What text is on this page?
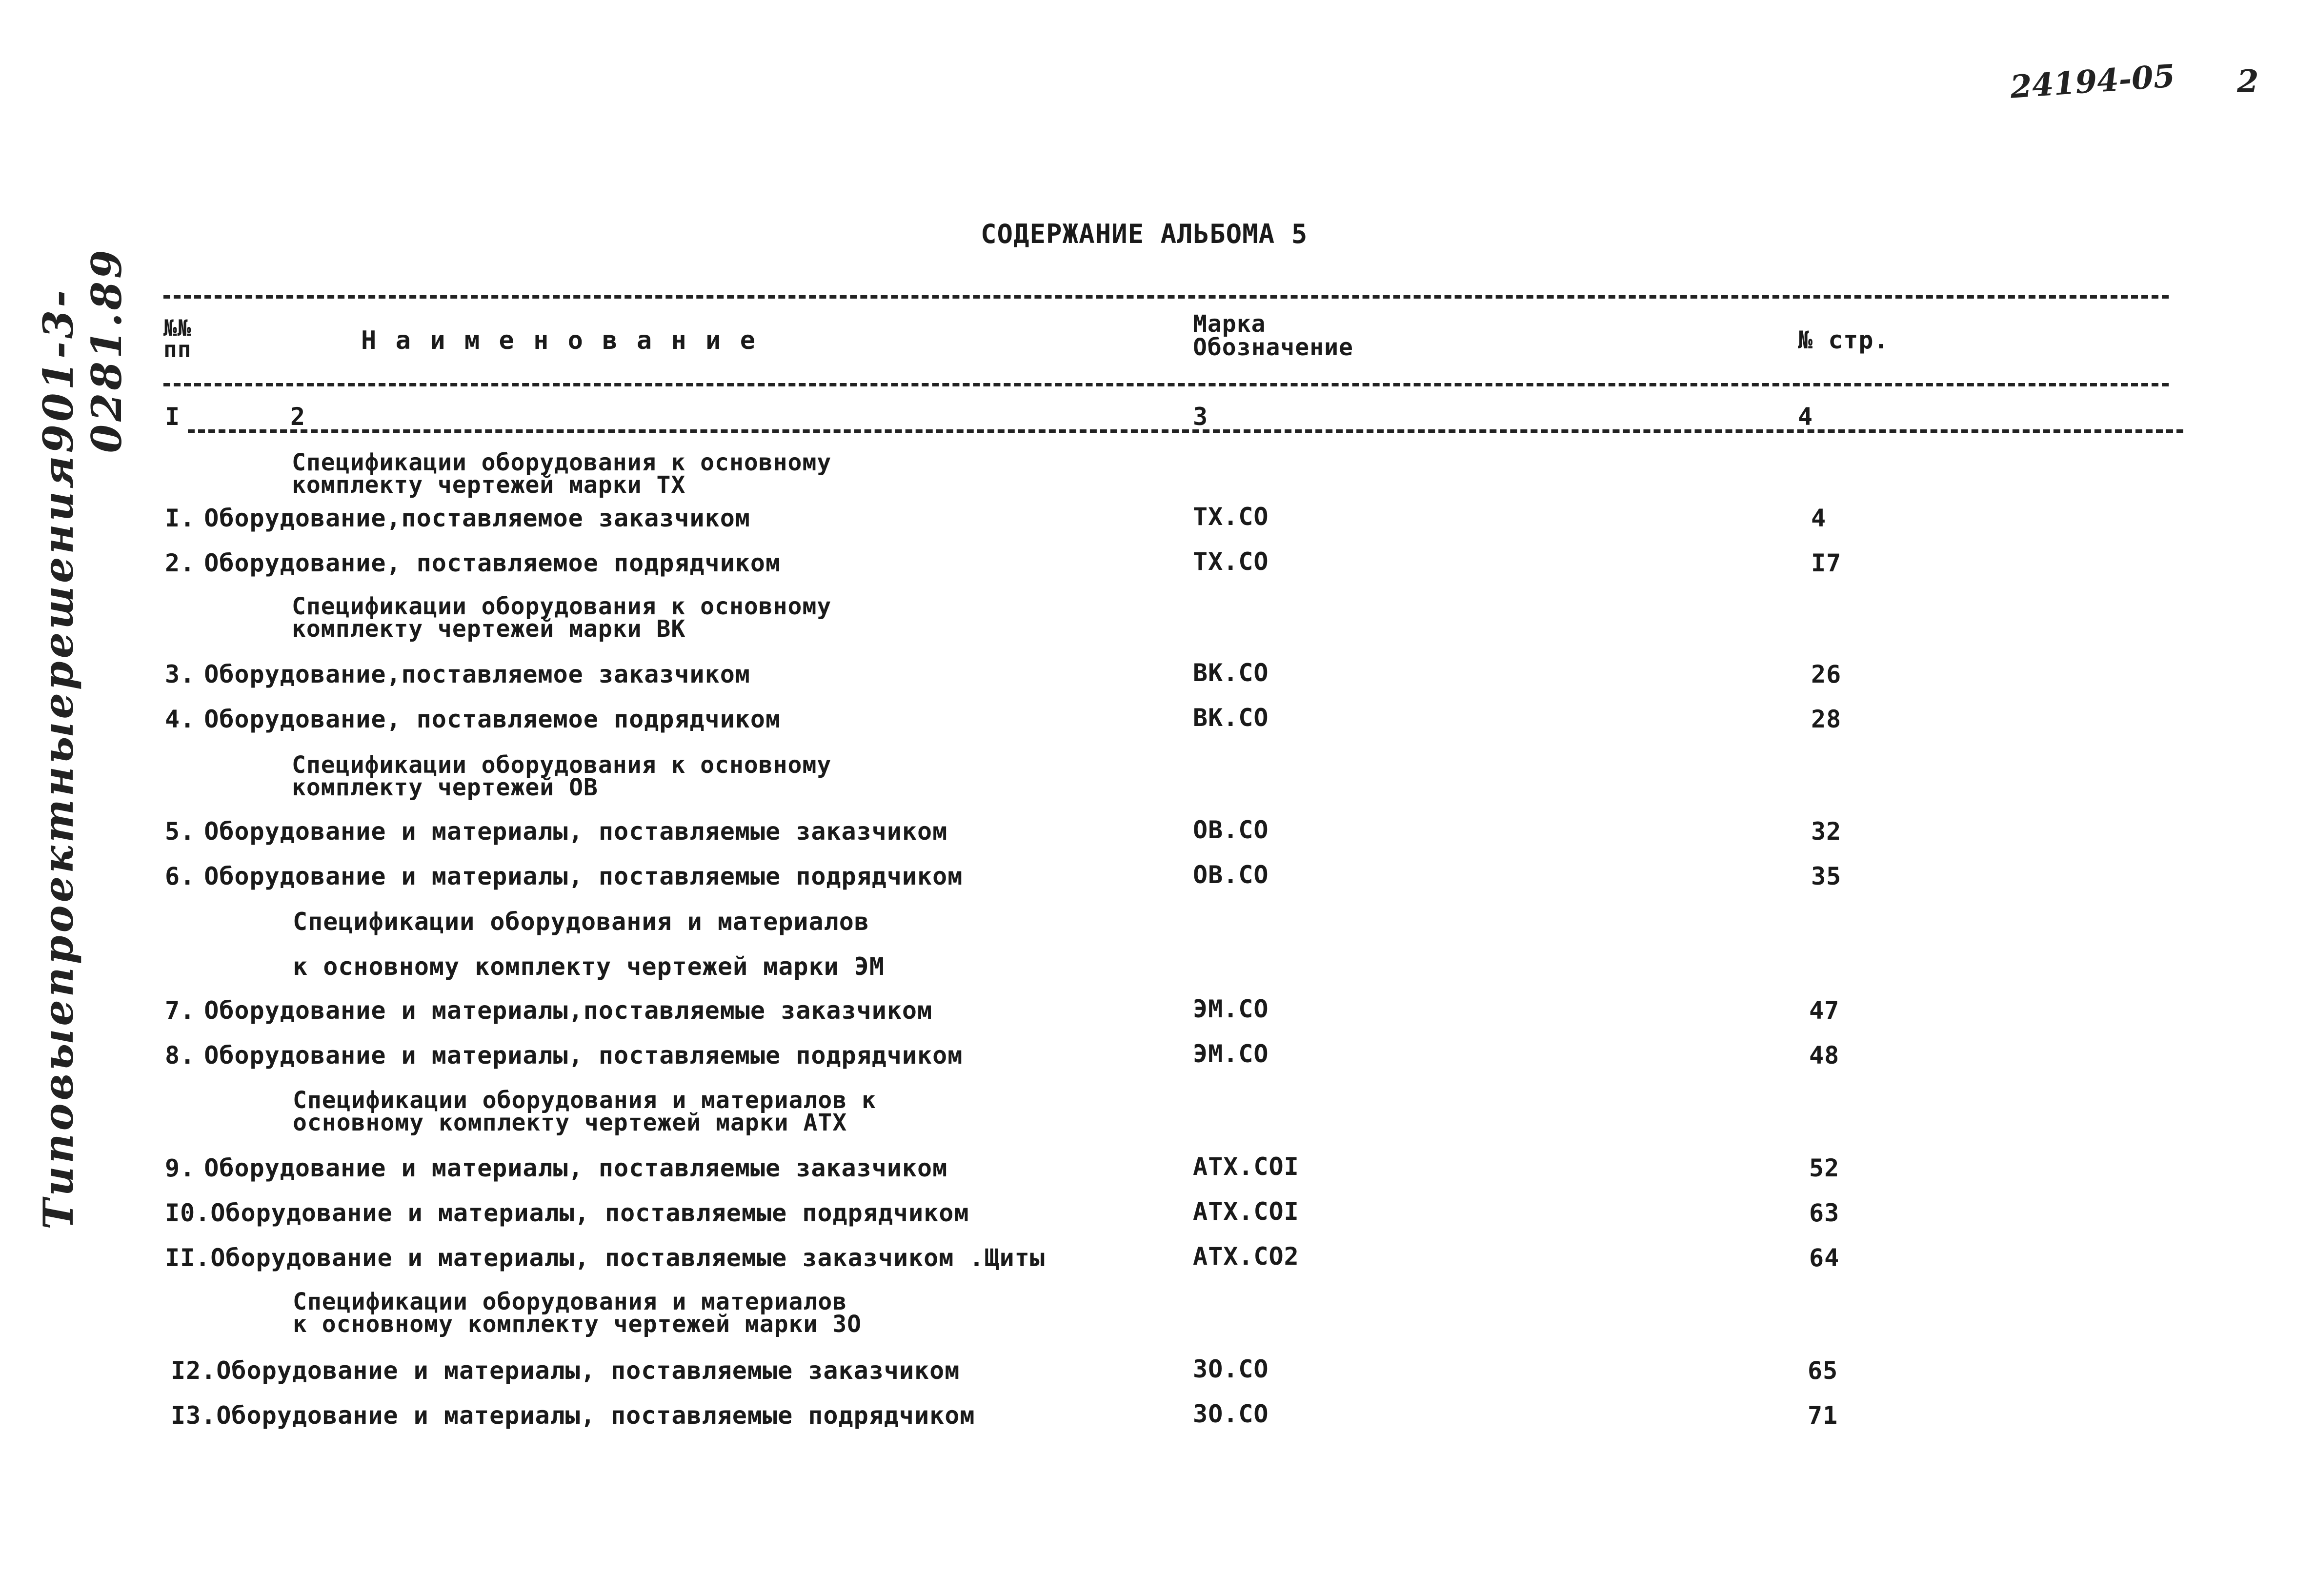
24194-05 2
Типовые
проектные
решения
901-3-0281.89
СОДЕРЖАНИЕ АЛЬБОМА 5
№№
пп	Н а и м е н о в а н и е
Марка
Обозначение	№ стр.
I	2	3	4
Спецификации оборудования к основному
комплекту чертежей марки ТХ
I. Оборудование,поставляемое заказчиком	ТХ.СО	4
2. Оборудование, поставляемое подрядчиком	ТХ.СО	I7
Спецификации оборудования к основному
комплекту чертежей марки ВК
3. Оборудование,поставляемое заказчиком	ВК.СО	26
4. Оборудование, поставляемое подрядчиком	ВК.СО	28
Спецификации оборудования к основному
комплекту чертежей ОВ
5. Оборудование и материалы, поставляемые заказчиком	ОВ.СО	32
6. Оборудование и материалы, поставляемые подрядчиком	ОВ.СО	35
Спецификации оборудования и материалов
к основному комплекту чертежей марки ЭМ
7. Оборудование и материалы,поставляемые заказчиком	ЭМ.СО	47
8. Оборудование и материалы, поставляемые подрядчиком	ЭМ.СО	48
Спецификации оборудования и материалов к
основному комплекту чертежей марки АТХ
9. Оборудование и материалы, поставляемые заказчиком	АТХ.СОI	52
I0.Оборудование и материалы, поставляемые подрядчиком	АТХ.СОI	63
II.Оборудование и материалы, поставляемые заказчиком .Щиты	АТХ.СО2	64
Спецификации оборудования и материалов
к основному комплекту чертежей марки ЗО
I2.Оборудование и материалы, поставляемые заказчиком	ЗО.СО	65
I3.Оборудование и материалы, поставляемые подрядчиком	ЗО.СО	71
